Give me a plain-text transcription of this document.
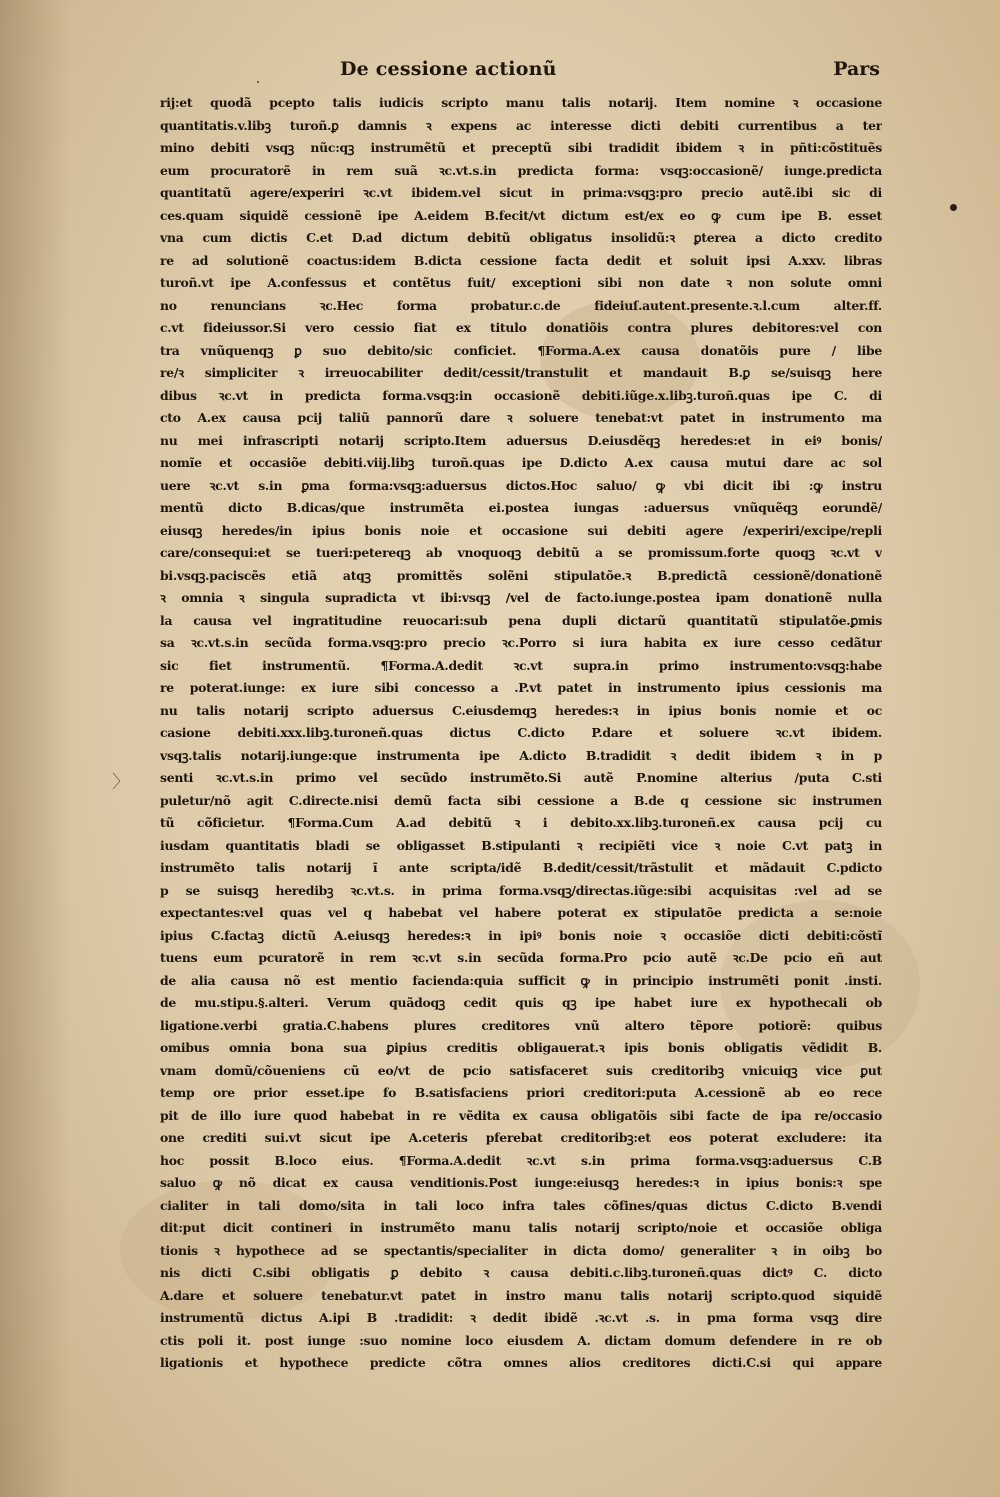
·
De cessione actionũ	Pars
〉
rij:et quodã pcepto talis iudicis scripto manu talis notarij. Item nomine ꝛ occasione
quantitatis.v.libꝫ turoñ.ꝑ damnis ꝛ expens ac interesse dicti debiti currentibus a ter
mino debiti vsqꝫ nũc:qꝫ instrumẽtũ et preceptũ sibi tradidit ibidem ꝛ in pñti:cõstituẽs
eum procuratorẽ in rem suã ꝛc.vt.s.in predicta forma: vsqꝫ:occasionẽ/ iunge.predicta
quantitatũ agere/experiri ꝛc.vt ibidem.vel sicut in prima:vsqꝫ:pro precio autẽ.ibi sic di
ces.quam siquidẽ cessionẽ ipe A.eidem B.fecit/vt dictum est/ex eo ꝙ cum ipe B. esset
vna cum dictis C.et D.ad dictum debitũ obligatus insolidũ:ꝛ ꝑterea a dicto credito
re ad solutionẽ coactus:idem B.dicta cessione facta dedit et soluit ipsi A.xxv. libras
turoñ.vt ipe A.confessus et contẽtus fuit/ exceptioni sibi non date ꝛ non solute omni
no renuncians ꝛc.Hec forma probatur.c.de fideiuſ.autent.presente.ꝛ.l.cum alter.ff.
c.vt fideiussor.Si vero cessio fiat ex titulo donatiõis contra plures debitores:vel con
tra vnũquenqꝫ ꝑ suo debito/sic conficiet. ¶Forma.A.ex causa donatõis pure / libe
re/ꝛ simpliciter ꝛ irreuocabiliter dedit/cessit/transtulit et mandauit B.ꝑ se/suisqꝫ here
dibus ꝛc.vt in predicta forma.vsqꝫ:in occasionẽ debiti.iũge.x.libꝫ.turoñ.quas ipe C. di
cto A.ex causa pcij taliũ pannorũ dare ꝛ soluere tenebat:vt patet in instrumento ma
nu mei infrascripti notarij scripto.Item aduersus D.eiusdẽqꝫ heredes:et in eiꝰ bonis/
nomĩe et occasiõe debiti.viij.libꝫ turoñ.quas ipe D.dicto A.ex causa mutui dare ac sol
uere ꝛc.vt s.in ꝑma forma:vsqꝫ:aduersus dictos.Hoc saluo/ ꝙ vbi dicit ibi :ꝙ instru
mentũ dicto B.dicas/que instrumẽta ei.postea iungas :aduersus vnũquẽqꝫ eorundẽ/
eiusqꝫ heredes/in ipius bonis noie et occasione sui debiti agere /experiri/excipe/repli
care/consequi:et se tueri:petereqꝫ ab vnoquoqꝫ debitũ a se promissum.forte quoqꝫ ꝛc.vt v
bi.vsqꝫ.paciscẽs etiã atqꝫ promittẽs solẽni stipulatõe.ꝛ B.predictã cessionẽ/donationẽ
ꝛ omnia ꝛ singula supradicta vt ibi:vsqꝫ /vel de facto.iunge.postea ipam donationẽ nulla
la causa vel ingratitudine reuocari:sub pena dupli dictarũ quantitatũ stipulatõe.ꝑmis
sa ꝛc.vt.s.in secũda forma.vsqꝫ:pro precio ꝛc.Porro si iura habita ex iure cesso cedãtur
sic fiet instrumentũ. ¶Forma.A.dedit ꝛc.vt supra.in primo instrumento:vsqꝫ:habe
re poterat.iunge: ex iure sibi concesso a .P.vt patet in instrumento ipius cessionis ma
nu talis notarij scripto aduersus C.eiusdemqꝫ heredes:ꝛ in ipius bonis nomie et oc
casione debiti.xxx.libꝫ.turoneñ.quas dictus C.dicto P.dare et soluere ꝛc.vt ibidem.
vsqꝫ.talis notarij.iunge:que instrumenta ipe A.dicto B.tradidit ꝛ dedit ibidem ꝛ in p
senti ꝛc.vt.s.in primo vel secũdo instrumẽto.Si autẽ P.nomine alterius /puta C.sti
puletur/nõ agit C.directe.nisi demũ facta sibi cessione a B.de q cessione sic instrumen
tũ cõficietur. ¶Forma.Cum A.ad debitũ ꝛ i debito.xx.libꝫ.turoneñ.ex causa pcij cu
iusdam quantitatis bladi se obligasset B.stipulanti ꝛ recipiẽti vice ꝛ noie C.vt patꝫ in
instrumẽto talis notarij ĩ ante scripta/idẽ B.dedit/cessit/trãstulit et mãdauit C.pdicto
p se suisqꝫ heredibꝫ ꝛc.vt.s. in prima forma.vsqꝫ/directas.iũge:sibi acquisitas :vel ad se
expectantes:vel quas vel q habebat vel habere poterat ex stipulatõe predicta a se:noie
ipius C.factaꝫ dictũ A.eiusqꝫ heredes:ꝛ in ipiꝰ bonis noie ꝛ occasiõe dicti debiti:cõstĩ
tuens eum pcuratorẽ in rem ꝛc.vt s.in secũda forma.Pro pcio autẽ ꝛc.De pcio eñ aut
de alia causa nõ est mentio facienda:quia sufficit ꝙ in principio instrumẽti ponit .insti.
de mu.stipu.§.alteri. Verum quãdoqꝫ cedit quis qꝫ ipe habet iure ex hypothecali ob
ligatione.verbi gratia.C.habens plures creditores vnũ altero tẽpore potiorẽ: quibus
omibus omnia bona sua ꝑipius creditis obligauerat.ꝛ ipis bonis obligatis vẽdidit B.
vnam domũ/cõueniens cũ eo/vt de pcio satisfaceret suis creditoribꝫ vnicuiqꝫ vice ꝑut
temp ore prior esset.ipe fo B.satisfaciens priori creditori:puta A.cessionẽ ab eo rece
pit de illo iure quod habebat in re vẽdita ex causa obligatõis sibi facte de ipa re/occasio
one crediti sui.vt sicut ipe A.ceteris pferebat creditoribꝫ:et eos poterat excludere: ita
hoc possit B.loco eius. ¶Forma.A.dedit ꝛc.vt s.in prima forma.vsqꝫ:aduersus C.B
saluo ꝙ nõ dicat ex causa venditionis.Post iunge:eiusqꝫ heredes:ꝛ in ipius bonis:ꝛ spe
cialiter in tali domo/sita in tali loco infra tales cõfines/quas dictus C.dicto B.vendi
dit:put dicit contineri in instrumẽto manu talis notarij scripto/noie et occasiõe obliga
tionis ꝛ hypothece ad se spectantis/specialiter in dicta domo/ generaliter ꝛ in oibꝫ bo
nis dicti C.sibi obligatis ꝑ debito ꝛ causa debiti.c.libꝫ.turoneñ.quas dictꝰ C. dicto
A.dare et soluere tenebatur.vt patet in instro manu talis notarij scripto.quod siquidẽ
instrumentũ dictus A.ipi B .tradidit: ꝛ dedit ibidẽ .ꝛc.vt .s. in pma forma vsqꝫ dire
ctis poli it. post iunge :suo nomine loco eiusdem A. dictam domum defendere in re ob
ligationis et hypothece predicte cõtra omnes alios creditores dicti.C.si qui appare
